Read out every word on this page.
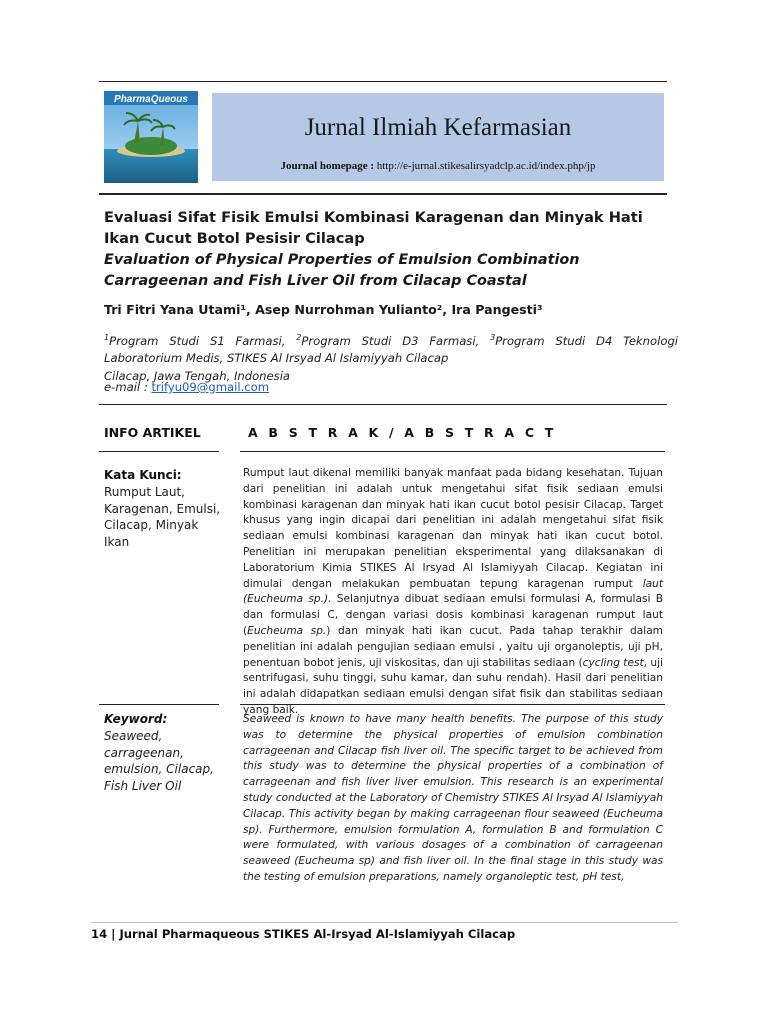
PharmaQueous
Jurnal Ilmiah Kefarmasian
Journal homepage : http://e-jurnal.stikesalirsyadclp.ac.id/index.php/jp
Evaluasi Sifat Fisik Emulsi Kombinasi Karagenan dan Minyak Hati Ikan Cucut Botol Pesisir Cilacap
Evaluation of Physical Properties of Emulsion Combination Carrageenan and Fish Liver Oil from Cilacap Coastal
Tri Fitri Yana Utami¹, Asep Nurrohman Yulianto², Ira Pangesti³
$^1$Program Studi S1 Farmasi, $^2$Program Studi D3 Farmasi, $^3$Program Studi D4 Teknologi Laboratorium Medis, STIKES Al Irsyad Al Islamiyyah Cilacap
Cilacap, Jawa Tengah, Indonesia
e-mail : trifyu09@gmail.com
INFO ARTIKEL	A B S T R A K / A B S T R A C T
Kata Kunci:
Rumput Laut, Karagenan, Emulsi, Cilacap, Minyak Ikan
Keyword:
Seaweed, carrageenan, emulsion, Cilacap, Fish Liver Oil
Rumput laut dikenal memiliki banyak manfaat pada bidang kesehatan. Tujuan dari penelitian ini adalah untuk mengetahui sifat fisik sediaan emulsi kombinasi karagenan dan minyak hati ikan cucut botol pesisir Cilacap. Target khusus yang ingin dicapai dari penelitian ini adalah mengetahui sifat fisik sediaan emulsi kombinasi karagenan dan minyak hati ikan cucut botol. Penelitian ini merupakan penelitian eksperimental yang dilaksanakan di Laboratorium Kimia STIKES Al Irsyad Al Islamiyyah Cilacap. Kegiatan ini dimulai dengan melakukan pembuatan tepung karagenan rumput laut (Eucheuma sp.). Selanjutnya dibuat sediaan emulsi formulasi A, formulasi B dan formulasi C, dengan variasi dosis kombinasi karagenan rumput laut (Eucheuma sp.) dan minyak hati ikan cucut. Pada tahap terakhir dalam penelitian ini adalah pengujian sediaan emulsi , yaitu uji organoleptis, uji pH, penentuan bobot jenis, uji viskositas, dan uji stabilitas sediaan (cycling test, uji sentrifugasi, suhu tinggi, suhu kamar, dan suhu rendah). Hasil dari penelitian ini adalah didapatkan sediaan emulsi dengan sifat fisik dan stabilitas sediaan yang baik.
Seaweed is known to have many health benefits. The purpose of this study was to determine the physical properties of emulsion combination carrageenan and Cilacap fish liver oil. The specific target to be achieved from this study was to determine the physical properties of a combination of carrageenan and fish liver liver emulsion. This research is an experimental study conducted at the Laboratory of Chemistry STIKES Al Irsyad Al Islamiyyah Cilacap. This activity began by making carrageenan flour seaweed (Eucheuma sp). Furthermore, emulsion formulation A, formulation B and formulation C were formulated, with various dosages of a combination of carrageenan seaweed (Eucheuma sp) and fish liver oil. In the final stage in this study was the testing of emulsion preparations, namely organoleptic test, pH test,
14 | Jurnal Pharmaqueous STIKES Al-Irsyad Al-Islamiyyah Cilacap
